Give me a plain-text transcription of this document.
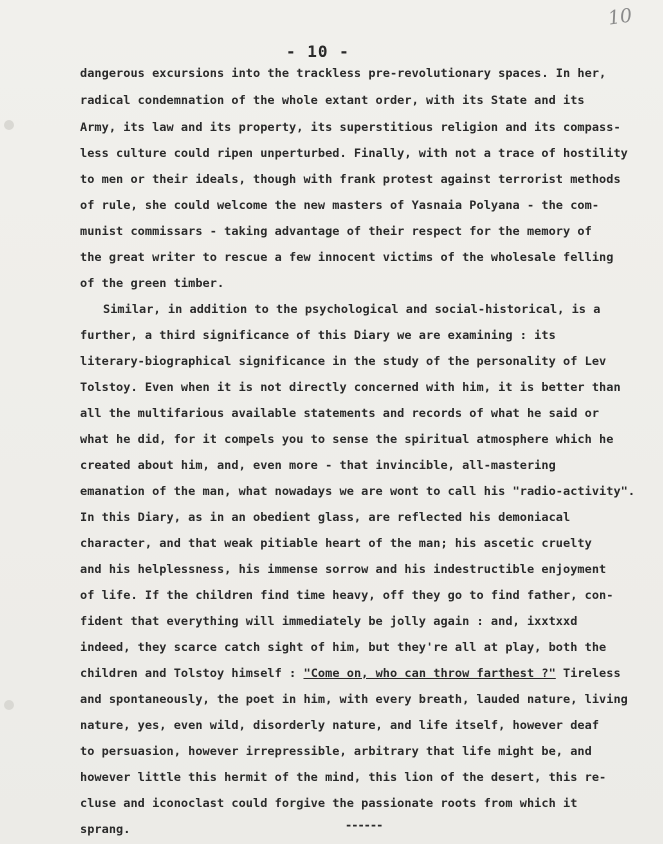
10
- 10 -
dangerous excursions into the trackless pre-revolutionary spaces. In her,
radical condemnation of the whole extant order, with its State and its
Army, its law and its property, its superstitious religion and its compass-
less culture could ripen unperturbed. Finally, with not a trace of hostility
to men or their ideals, though with frank protest against terrorist methods
of rule, she could welcome the new masters of Yasnaia Polyana - the com-
munist commissars - taking advantage of their respect for the memory of
the great writer to rescue a few innocent victims of the wholesale felling
of the green timber.
Similar, in addition to the psychological and social-historical, is a
further, a third significance of this Diary we are examining : its
literary-biographical significance in the study of the personality of Lev
Tolstoy. Even when it is not directly concerned with him, it is better than
all the multifarious available statements and records of what he said or
what he did, for it compels you to sense the spiritual atmosphere which he
created about him, and, even more - that invincible, all-mastering
emanation of the man, what nowadays we are wont to call his "radio-activity".
In this Diary, as in an obedient glass, are reflected his demoniacal
character, and that weak pitiable heart of the man; his ascetic cruelty
and his helplessness, his immense sorrow and his indestructible enjoyment
of life. If the children find time heavy, off they go to find father, con-
fident that everything will immediately be jolly again : and, ixxtxxd
indeed, they scarce catch sight of him, but they're all at play, both the
children and Tolstoy himself : "Come on, who can throw farthest ?" Tireless
and spontaneously, the poet in him, with every breath, lauded nature, living
nature, yes, even wild, disorderly nature, and life itself, however deaf
to persuasion, however irrepressible, arbitrary that life might be, and
however little this hermit of the mind, this lion of the desert, this re-
cluse and iconoclast could forgive the passionate roots from which it
sprang.	------
